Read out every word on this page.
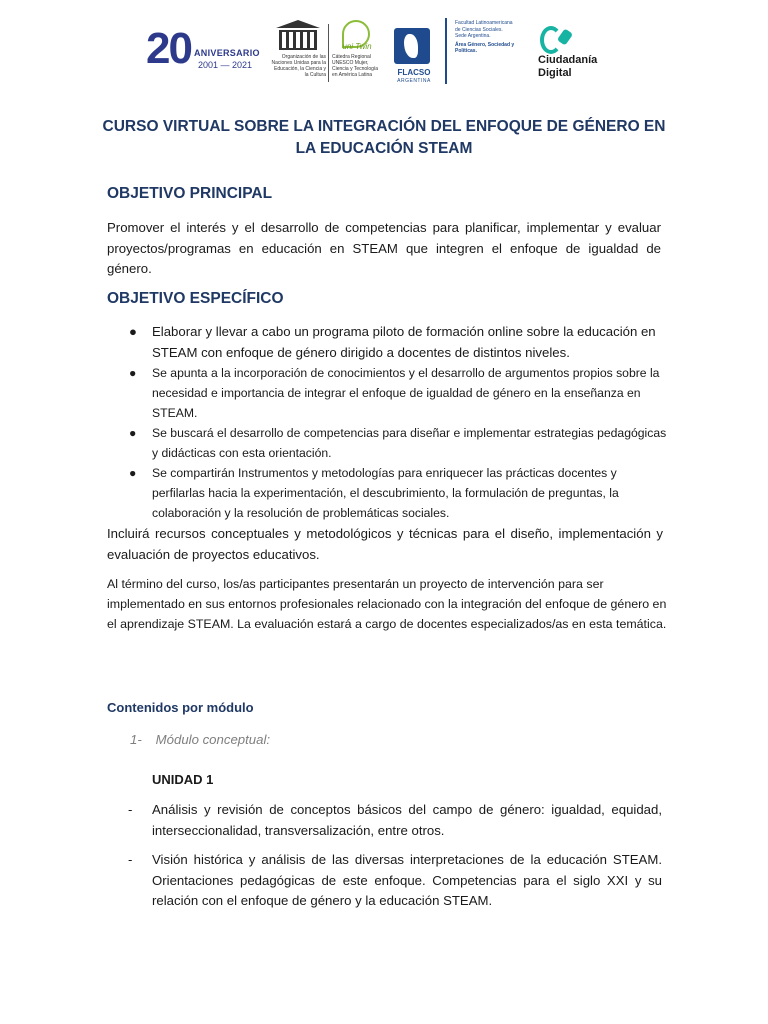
20 ANIVERSARIO
2001 — 2021
Organización de las Naciones Unidas para la Educación, la Ciencia y la Cultura
uni Twin
Cátedra Regional UNESCO Mujer, Ciencia y Tecnología en América Latina	FLACSO
ARGENTINA
Facultad Latinoamericana de Ciencias Sociales. Sede Argentina.
Área Género, Sociedad y Políticas.
Ciudadanía
Digital
CURSO VIRTUAL SOBRE LA INTEGRACIÓN DEL ENFOQUE DE GÉNERO EN LA EDUCACIÓN STEAM
OBJETIVO PRINCIPAL
Promover el interés y el desarrollo de competencias para planificar, implementar y evaluar proyectos/programas en educación en STEAM que integren el enfoque de igualdad de género.
OBJETIVO ESPECÍFICO
● Elaborar y llevar a cabo un programa piloto de formación online sobre la educación en STEAM con enfoque de género dirigido a docentes de distintos niveles.
● Se apunta a la incorporación de conocimientos y el desarrollo de argumentos propios sobre la necesidad e importancia de integrar el enfoque de igualdad de género en la enseñanza en STEAM.
● Se buscará el desarrollo de competencias para diseñar e implementar estrategias pedagógicas y didácticas con esta orientación.
● Se compartirán Instrumentos y metodologías para enriquecer las prácticas docentes y perfilarlas hacia la experimentación, el descubrimiento, la formulación de preguntas, la colaboración y la resolución de problemáticas sociales.
Incluirá recursos conceptuales y metodológicos y técnicas para el diseño, implementación y evaluación de proyectos educativos.
Al término del curso, los/as participantes presentarán un proyecto de intervención para ser implementado en sus entornos profesionales relacionado con la integración del enfoque de género en el aprendizaje STEAM. La evaluación estará a cargo de docentes especializados/as en esta temática.
Contenidos por módulo
1- Módulo conceptual:
UNIDAD 1
- Análisis y revisión de conceptos básicos del campo de género: igualdad, equidad, interseccionalidad, transversalización, entre otros.
- Visión histórica y análisis de las diversas interpretaciones de la educación STEAM. Orientaciones pedagógicas de este enfoque. Competencias para el siglo XXI y su relación con el enfoque de género y la educación STEAM.
